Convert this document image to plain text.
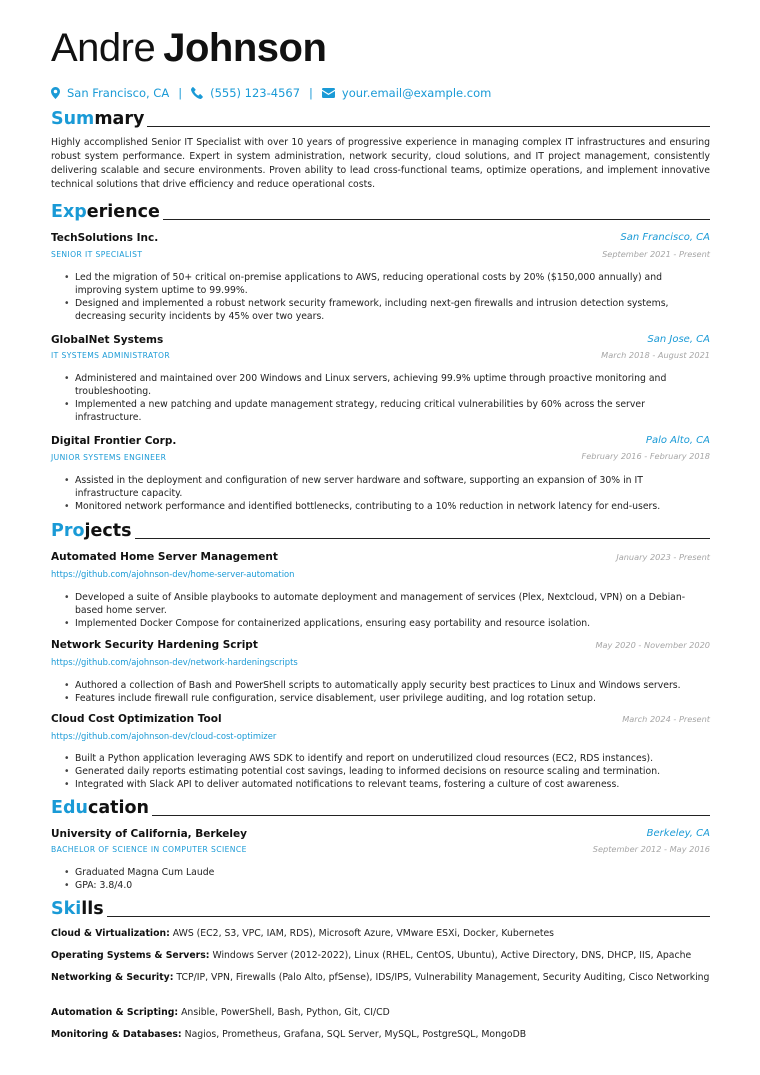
Andre Johnson
San Francisco, CA | (555) 123-4567 |	your.email@example.com
Summary
Highly accomplished Senior IT Specialist with over 10 years of progressive experience in managing complex IT infrastructures and ensuring robust system performance. Expert in system administration, network security, cloud solutions, and IT project management, consistently delivering scalable and secure environments. Proven ability to lead cross-functional teams, optimize operations, and implement innovative technical solutions that drive efficiency and reduce operational costs.
Experience
TechSolutions Inc.	San Francisco, CA
SENIOR IT SPECIALIST	September 2021 - Present
• Led the migration of 50+ critical on-premise applications to AWS, reducing operational costs by 20% ($150,000 annually) and improving system uptime to 99.99%.
• Designed and implemented a robust network security framework, including next-gen firewalls and intrusion detection systems, decreasing security incidents by 45% over two years.
GlobalNet Systems	San Jose, CA
IT SYSTEMS ADMINISTRATOR	March 2018 - August 2021
• Administered and maintained over 200 Windows and Linux servers, achieving 99.9% uptime through proactive monitoring and troubleshooting.
• Implemented a new patching and update management strategy, reducing critical vulnerabilities by 60% across the server infrastructure.
Digital Frontier Corp.	Palo Alto, CA
JUNIOR SYSTEMS ENGINEER	February 2016 - February 2018
• Assisted in the deployment and configuration of new server hardware and software, supporting an expansion of 30% in IT infrastructure capacity.
• Monitored network performance and identified bottlenecks, contributing to a 10% reduction in network latency for end-users.
Projects
Automated Home Server Management	January 2023 - Present
https://github.com/ajohnson-dev/home-server-automation
• Developed a suite of Ansible playbooks to automate deployment and management of services (Plex, Nextcloud, VPN) on a Debian-based home server.
• Implemented Docker Compose for containerized applications, ensuring easy portability and resource isolation.
Network Security Hardening Script	May 2020 - November 2020
https://github.com/ajohnson-dev/network-hardeningscripts
• Authored a collection of Bash and PowerShell scripts to automatically apply security best practices to Linux and Windows servers.
• Features include firewall rule configuration, service disablement, user privilege auditing, and log rotation setup.
Cloud Cost Optimization Tool	March 2024 - Present
https://github.com/ajohnson-dev/cloud-cost-optimizer
• Built a Python application leveraging AWS SDK to identify and report on underutilized cloud resources (EC2, RDS instances).
• Generated daily reports estimating potential cost savings, leading to informed decisions on resource scaling and termination.
• Integrated with Slack API to deliver automated notifications to relevant teams, fostering a culture of cost awareness.
Education
University of California, Berkeley	Berkeley, CA
BACHELOR OF SCIENCE IN COMPUTER SCIENCE	September 2012 - May 2016
• Graduated Magna Cum Laude
• GPA: 3.8/4.0
Skills
Cloud & Virtualization: AWS (EC2, S3, VPC, IAM, RDS), Microsoft Azure, VMware ESXi, Docker, Kubernetes
Operating Systems & Servers: Windows Server (2012-2022), Linux (RHEL, CentOS, Ubuntu), Active Directory, DNS, DHCP, IIS, Apache
Networking & Security: TCP/IP, VPN, Firewalls (Palo Alto, pfSense), IDS/IPS, Vulnerability Management, Security Auditing, Cisco Networking
Automation & Scripting: Ansible, PowerShell, Bash, Python, Git, CI/CD
Monitoring & Databases: Nagios, Prometheus, Grafana, SQL Server, MySQL, PostgreSQL, MongoDB
